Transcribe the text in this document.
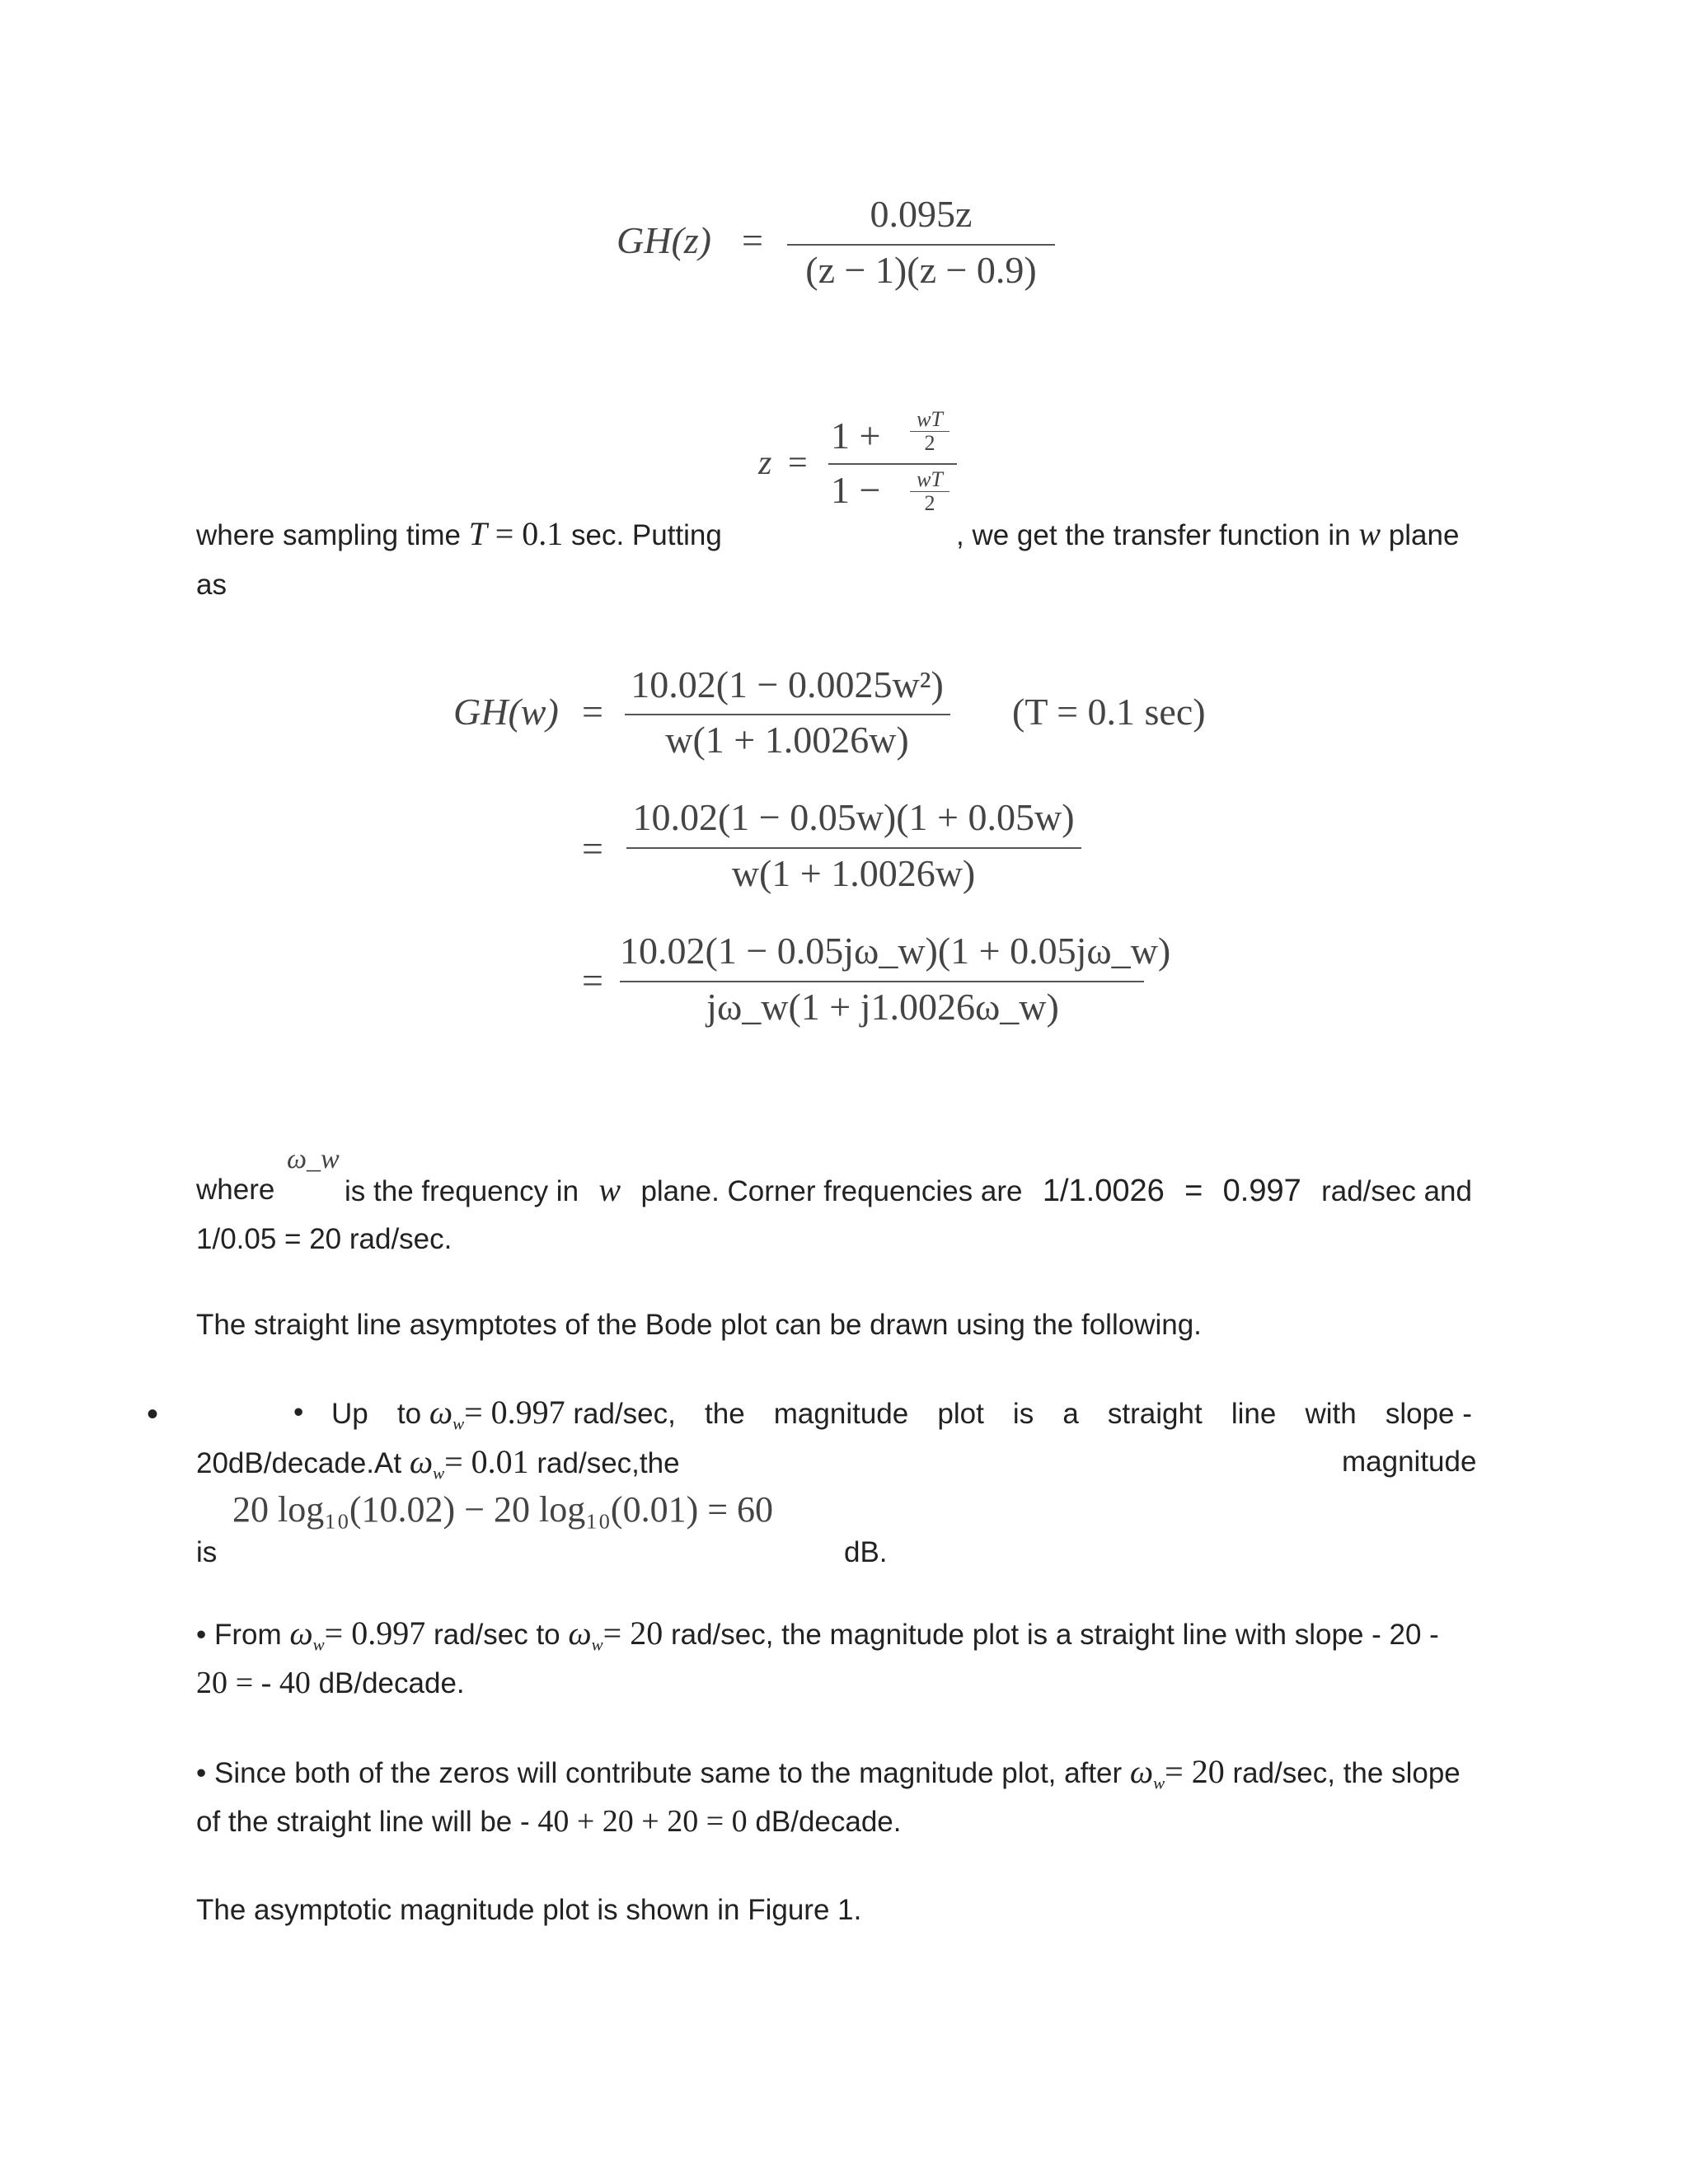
GH(z) =
0.095z
(z − 1)(z − 0.9)
z =
1 +	wT
2
1 −	wT
2
where sampling time T = 0.1 sec. Putting	, we get the transfer function in w plane
as
GH(w) =
10.02(1 − 0.0025w²)
w(1 + 1.0026w)
(T = 0.1 sec)
=
10.02(1 − 0.05w)(1 + 0.05w)
w(1 + 1.0026w)
=
10.02(1 − 0.05jω_w)(1 + 0.05jω_w)
jω_w(1 + j1.0026ω_w)
ω_w
where is the frequency in w plane. Corner frequencies are 1/1.0026 = 0.997 rad/sec and
1/0.05 = 20 rad/sec.
The straight line asymptotes of the Bode plot can be drawn using the following.
•	• Up to $\omega_w= 0.997$ rad/sec, the magnitude plot is a straight line with slope -
20dB/decade.At $\omega_w= 0.01$ rad/sec,the	magnitude
20 log₁₀(10.02) − 20 log₁₀(0.01) = 60
is	dB.
• From $\omega_w= 0.997$ rad/sec to $\omega_w= 20$ rad/sec, the magnitude plot is a straight line with slope - 20 -
20 = - 40 dB/decade.
• Since both of the zeros will contribute same to the magnitude plot, after $\omega_w= 20$ rad/sec, the slope
of the straight line will be - 40 + 20 + 20 = 0 dB/decade.
The asymptotic magnitude plot is shown in Figure 1.
